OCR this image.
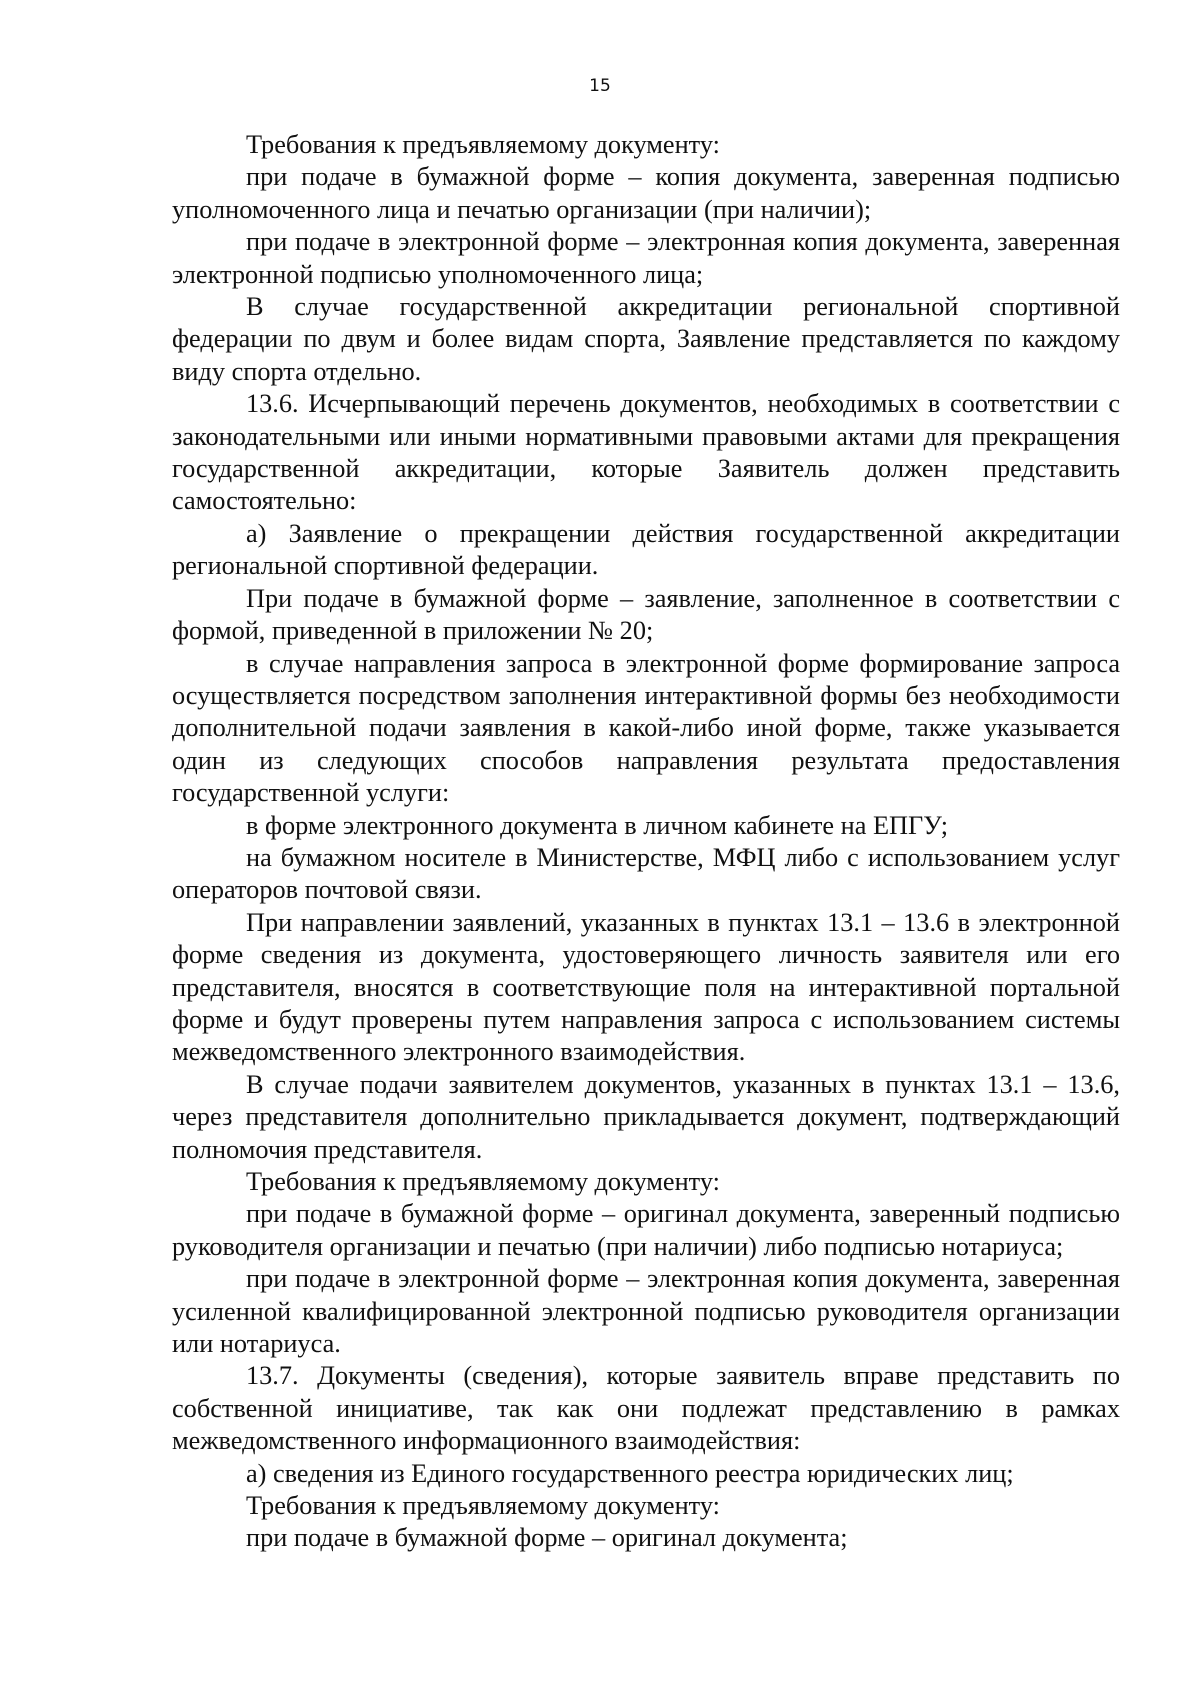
15

Требования к предъявляемому документу:

при подаче в бумажной форме – копия документа, заверенная подписью уполномоченного лица и печатью организации (при наличии);

при подаче в электронной форме – электронная копия документа, заверенная электронной подписью уполномоченного лица;

В случае государственной аккредитации региональной спортивной федерации по двум и более видам спорта, Заявление представляется по каждому виду спорта отдельно.

13.6. Исчерпывающий перечень документов, необходимых в соответствии с законодательными или иными нормативными правовыми актами для прекращения государственной аккредитации, которые Заявитель должен представить самостоятельно:

а) Заявление о прекращении действия государственной аккредитации региональной спортивной федерации.

При подаче в бумажной форме – заявление, заполненное в соответствии с формой, приведенной в приложении № 20;

в случае направления запроса в электронной форме формирование запроса осуществляется посредством заполнения интерактивной формы без необходимости дополнительной подачи заявления в какой-либо иной форме, также указывается один из следующих способов направления результата предоставления государственной услуги:

в форме электронного документа в личном кабинете на ЕПГУ;

на бумажном носителе в Министерстве, МФЦ либо с использованием услуг операторов почтовой связи.

При направлении заявлений, указанных в пунктах 13.1 – 13.6 в электронной форме сведения из документа, удостоверяющего личность заявителя или его представителя, вносятся в соответствующие поля на интерактивной портальной форме и будут проверены путем направления запроса с использованием системы межведомственного электронного взаимодействия.

В случае подачи заявителем документов, указанных в пунктах 13.1 – 13.6, через представителя дополнительно прикладывается документ, подтверждающий полномочия представителя.

Требования к предъявляемому документу:

при подаче в бумажной форме – оригинал документа, заверенный подписью руководителя организации и печатью (при наличии) либо подписью нотариуса;

при подаче в электронной форме – электронная копия документа, заверенная усиленной квалифицированной электронной подписью руководителя организации или нотариуса.

13.7. Документы (сведения), которые заявитель вправе представить по собственной инициативе, так как они подлежат представлению в рамках межведомственного информационного взаимодействия:

а) сведения из Единого государственного реестра юридических лиц;

Требования к предъявляемому документу:

при подаче в бумажной форме – оригинал документа;
